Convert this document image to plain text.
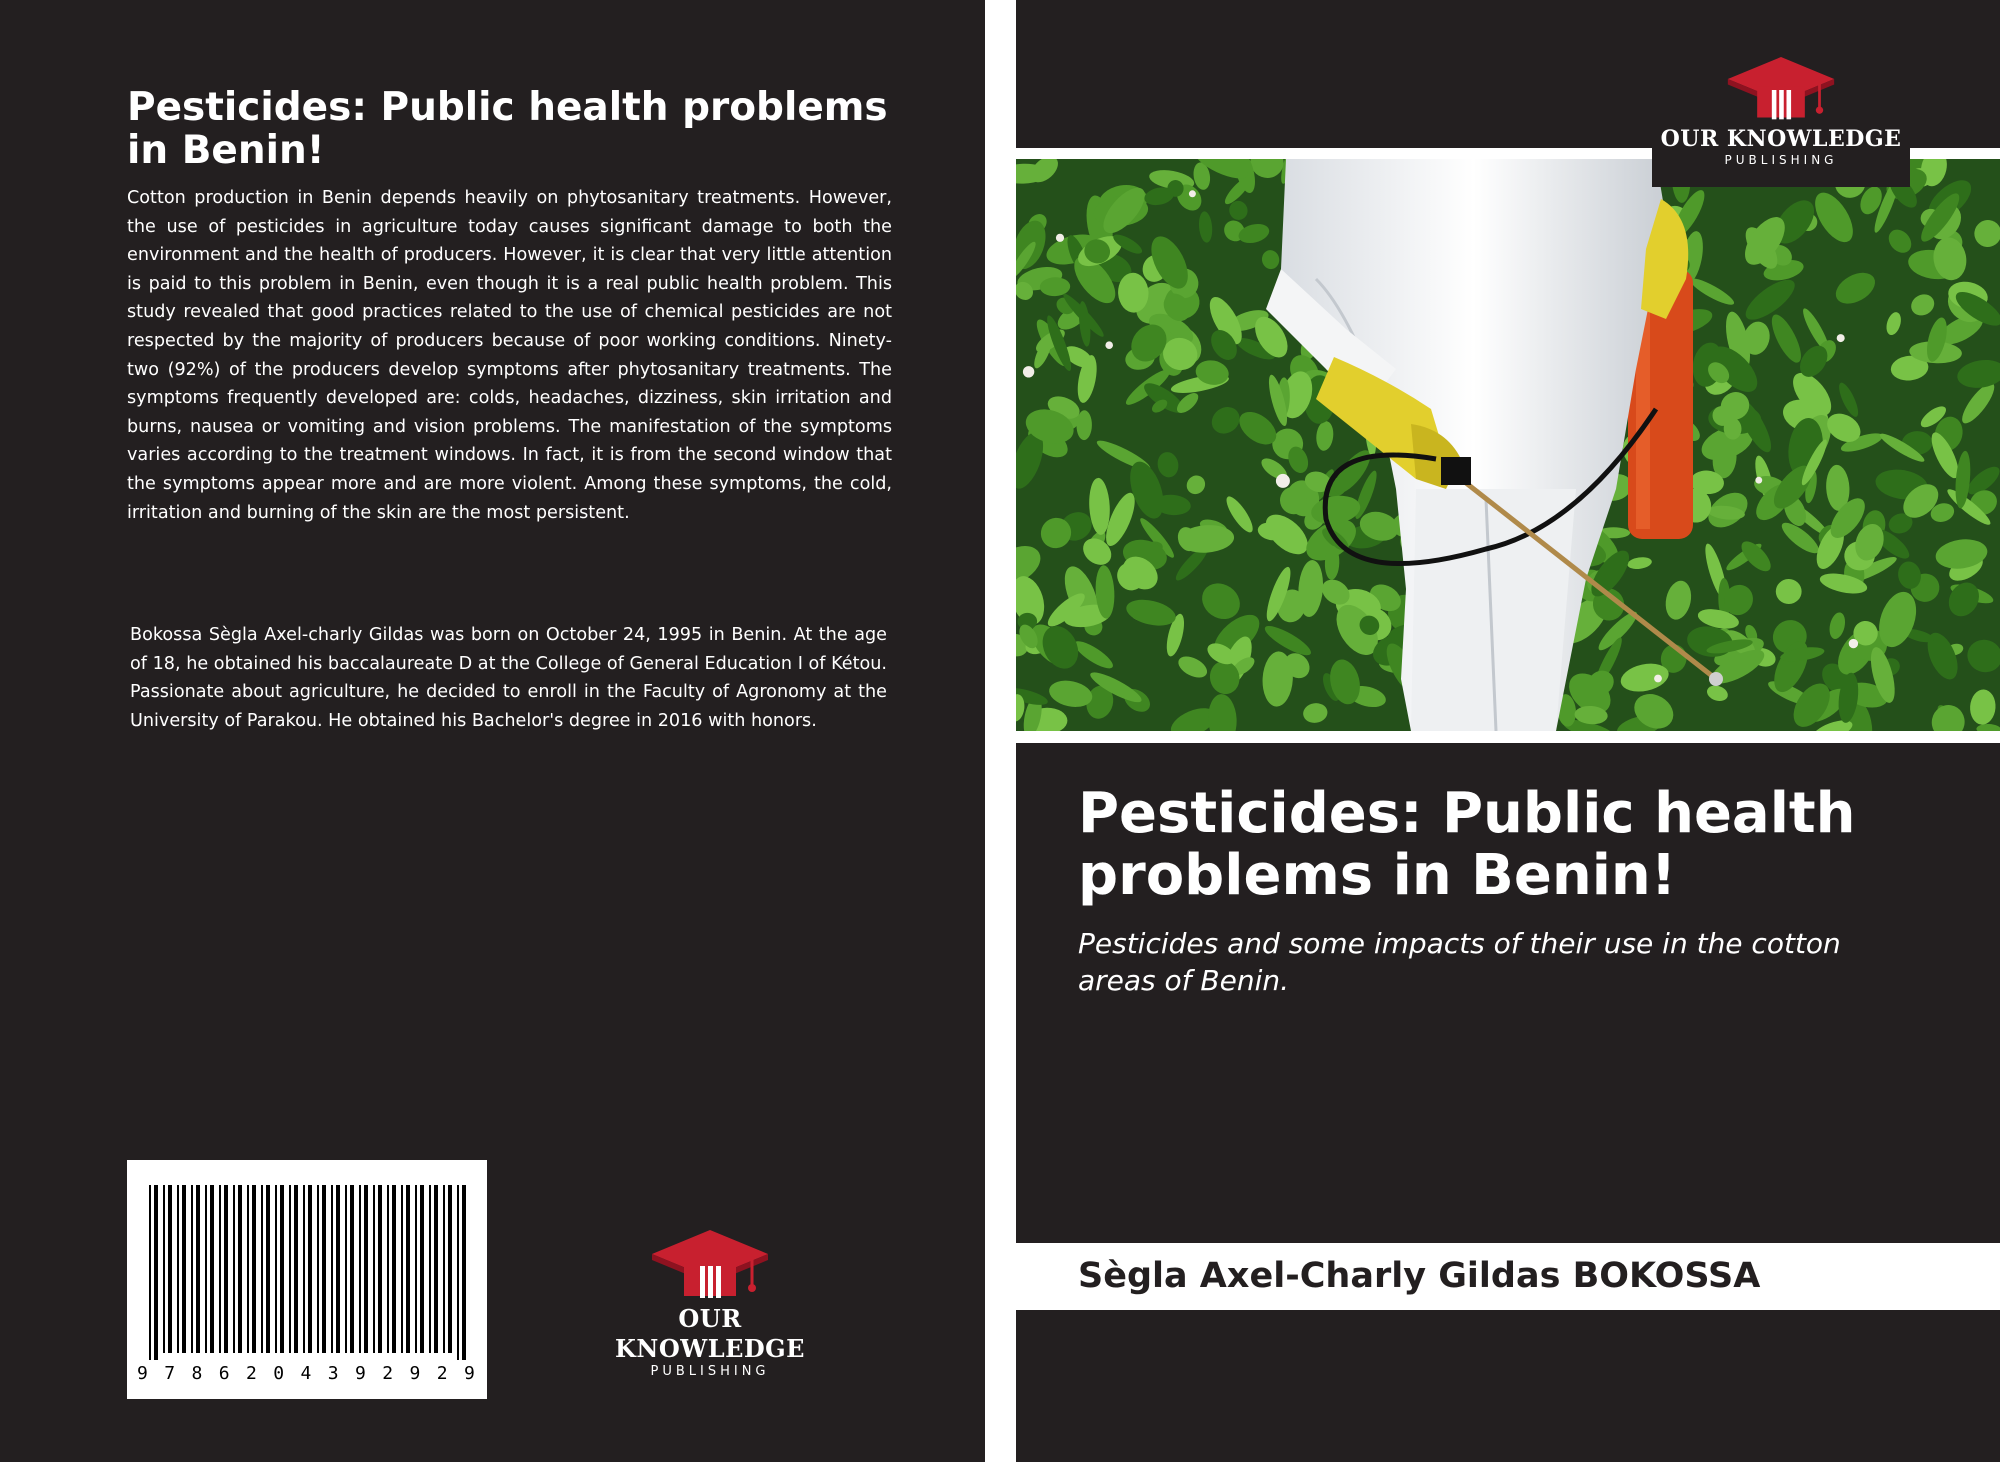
Pesticides: Public health problems in Benin!

Cotton production in Benin depends heavily on phytosanitary treatments. However, the use of pesticides in agriculture today causes significant damage to both the environment and the health of producers. However, it is clear that very little attention is paid to this problem in Benin, even though it is a real public health problem. This study revealed that good practices related to the use of chemical pesticides are not respected by the majority of producers because of poor working conditions. Ninety-two (92%) of the producers develop symptoms after phytosanitary treatments. The symptoms frequently developed are: colds, headaches, dizziness, skin irritation and burns, nausea or vomiting and vision problems. The manifestation of the symptoms varies according to the treatment windows. In fact, it is from the second window that the symptoms appear more and are more violent. Among these symptoms, the cold, irritation and burning of the skin are the most persistent.

Bokossa Sègla Axel-charly Gildas was born on October 24, 1995 in Benin. At the age of 18, he obtained his baccalaureate D at the College of General Education I of Kétou. Passionate about agriculture, he decided to enroll in the Faculty of Agronomy at the University of Parakou. He obtained his Bachelor's degree in 2016 with honors.

9 7 8 6 2 0 4 3 9 2 9 2 9
OUR KNOWLEDGE
PUBLISHING
OUR KNOWLEDGE
PUBLISHING
Pesticides: Public health problems in Benin!

Pesticides and some impacts of their use in the cotton areas of Benin.

Sègla Axel-Charly Gildas BOKOSSA
